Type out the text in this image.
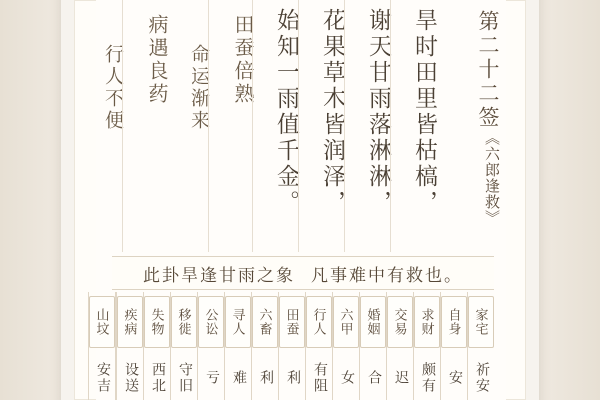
第二十二签
《六郎逢救》
旱时田里皆枯槁，
谢天甘雨落淋淋，
花果草木皆润泽，
始知一雨值千金。
田蚕倍熟
命运渐来
病遇良药
行人不便
此卦旱逢甘雨之象 凡事难中有救也。
家宅
祈安
自身
安
求财
颇有
交易
迟
婚姻
合
六甲
女
行人
有阻
田蚕
利
六畜
利
寻人
难
公讼
亏
移徙
守旧
失物
西北
疾病
设送
山坟
安吉
